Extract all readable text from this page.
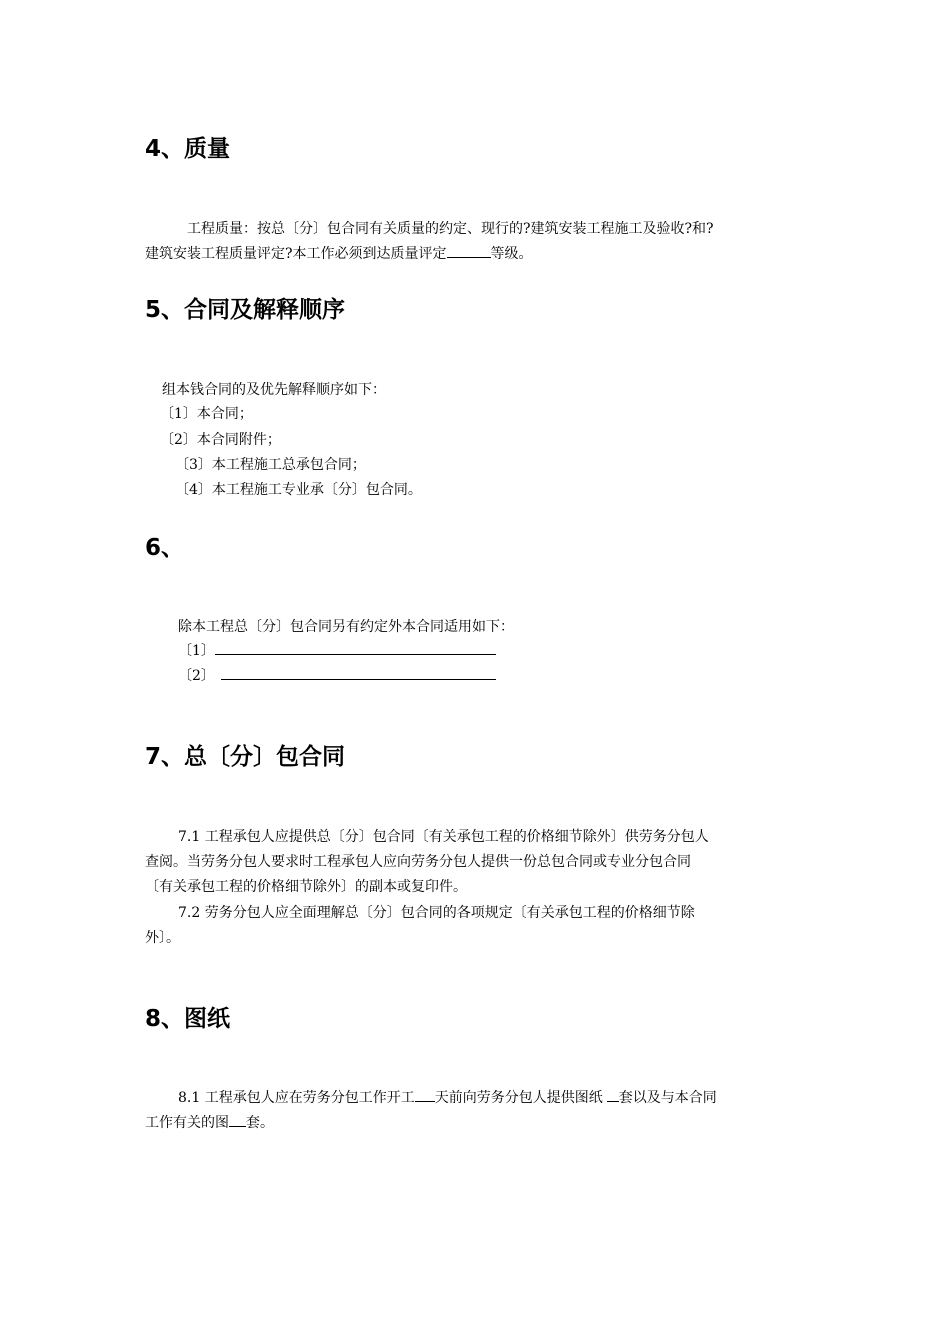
4、质量
工程质量：按总〔分〕包合同有关质量的约定、现行的?建筑安装工程施工及验收?和?
建筑安装工程质量评定?本工作必须到达质量评定	等级。
5、合同及解释顺序
组本钱合同的及优先解释顺序如下：
〔1〕本合同；
〔2〕本合同附件；
〔3〕本工程施工总承包合同；
〔4〕本工程施工专业承〔分〕包合同。
6、
除本工程总〔分〕包合同另有约定外本合同适用如下：
〔1〕
〔2〕
7、总〔分〕包合同
7.1 工程承包人应提供总〔分〕包合同〔有关承包工程的价格细节除外〕供劳务分包人
查阅。当劳务分包人要求时工程承包人应向劳务分包人提供一份总包合同或专业分包合同
〔有关承包工程的价格细节除外〕的副本或复印件。
7.2 劳务分包人应全面理解总〔分〕包合同的各项规定〔有关承包工程的价格细节除
外〕。
8、图纸
8.1 工程承包人应在劳务分包工作开工 天前向劳务分包人提供图纸 套以及与本合同
工作有关的图 套。
